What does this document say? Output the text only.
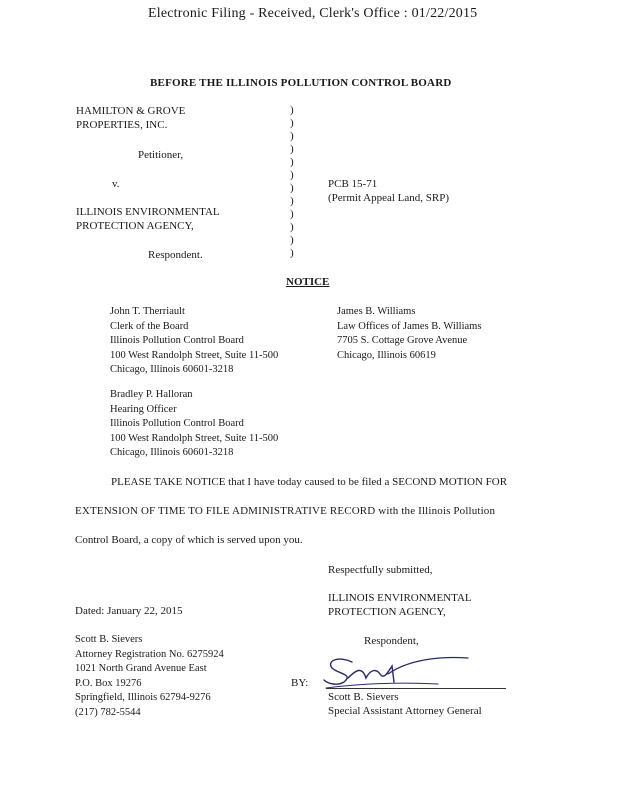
Electronic Filing - Received, Clerk's Office : 01/22/2015
BEFORE THE ILLINOIS POLLUTION CONTROL BOARD
HAMILTON & GROVE
PROPERTIES, INC.
Petitioner,
v.
ILLINOIS ENVIRONMENTAL
PROTECTION AGENCY,
Respondent.
)
)
)
)
)
)
)
)
)
)
)
)
PCB 15-71
(Permit Appeal Land, SRP)
NOTICE
John T. Therriault
Clerk of the Board
Illinois Pollution Control Board
100 West Randolph Street, Suite 11-500
Chicago, Illinois 60601-3218
James B. Williams
Law Offices of James B. Williams
7705 S. Cottage Grove Avenue
Chicago, Illinois 60619
Bradley P. Halloran
Hearing Officer
Illinois Pollution Control Board
100 West Randolph Street, Suite 11-500
Chicago, Illinois 60601-3218
PLEASE TAKE NOTICE that I have today caused to be filed a SECOND MOTION FOR
EXTENSION OF TIME TO FILE ADMINISTRATIVE RECORD with the Illinois Pollution
Control Board, a copy of which is served upon you.
Respectfully submitted,
ILLINOIS ENVIRONMENTAL
PROTECTION AGENCY,
Dated: January 22, 2015
Respondent,
Scott B. Sievers
Attorney Registration No. 6275924
1021 North Grand Avenue East
P.O. Box 19276
Springfield, Illinois 62794-9276
(217) 782-5544
BY:
Scott B. Sievers
Special Assistant Attorney General
